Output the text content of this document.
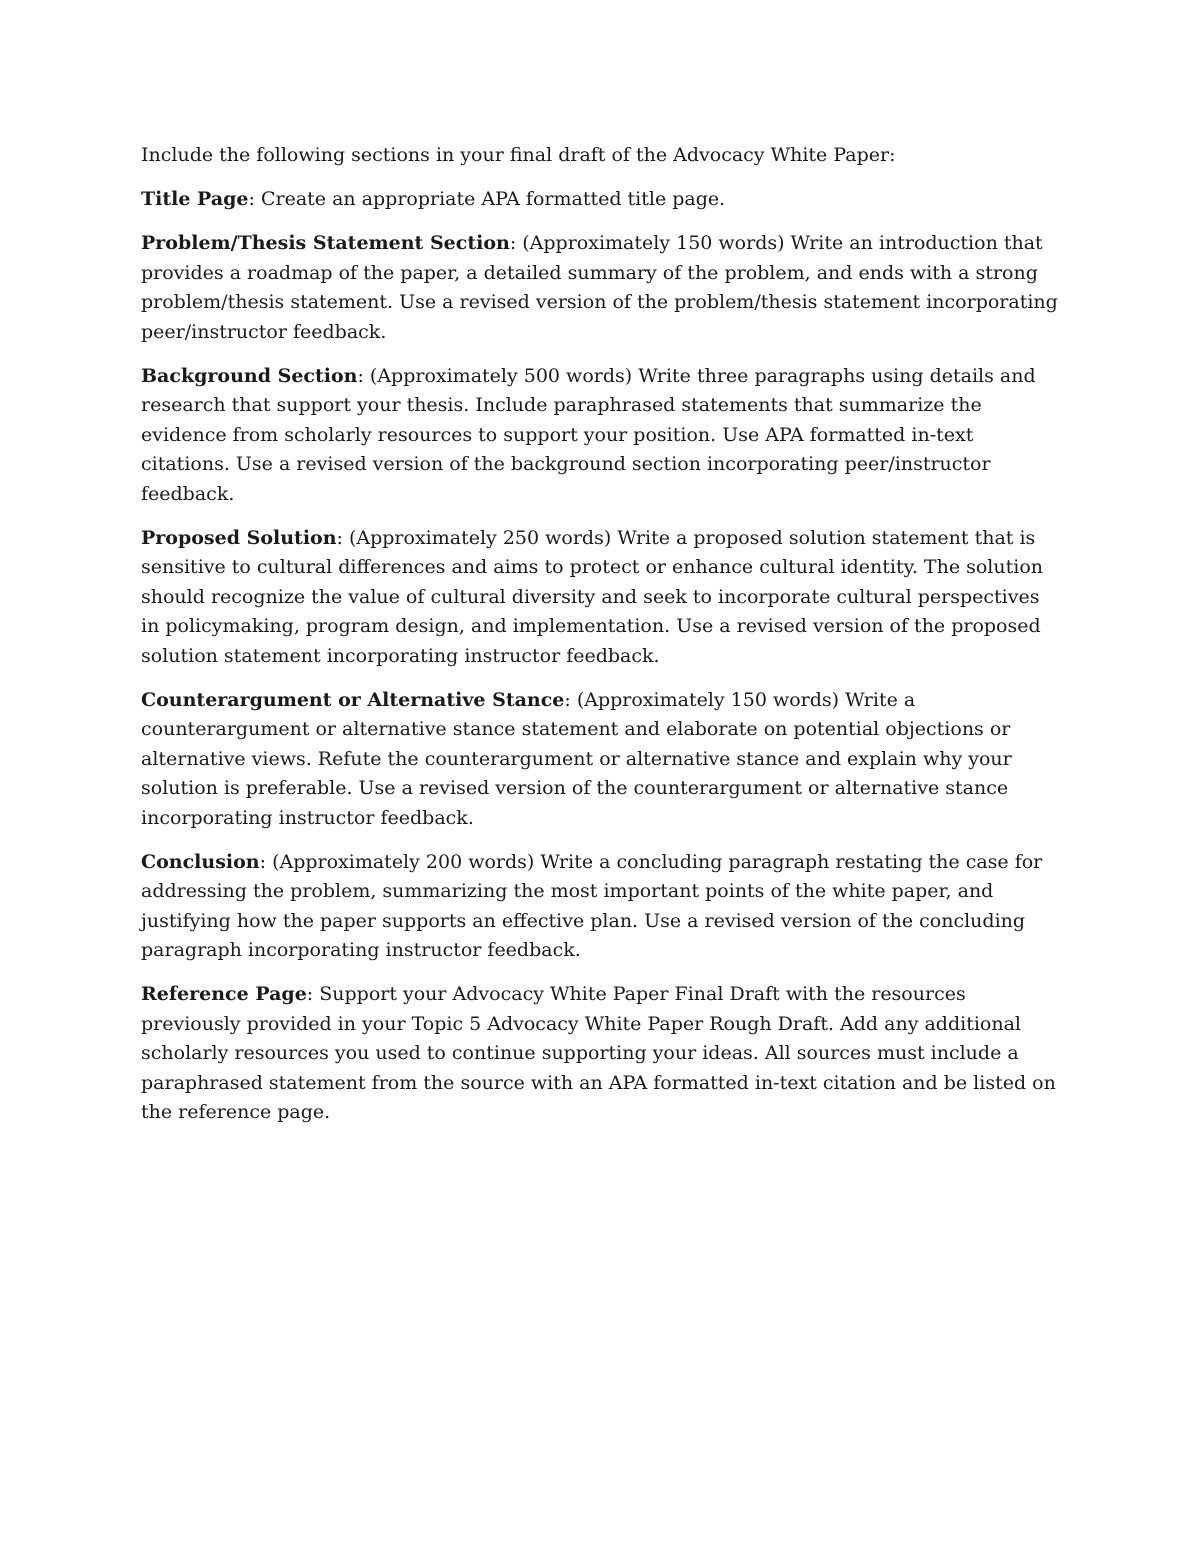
Include the following sections in your final draft of the Advocacy White Paper:

Title Page: Create an appropriate APA formatted title page.

Problem/Thesis Statement Section: (Approximately 150 words) Write an introduction that provides a roadmap of the paper, a detailed summary of the problem, and ends with a strong problem/thesis statement. Use a revised version of the problem/thesis statement incorporating peer/instructor feedback.

Background Section: (Approximately 500 words) Write three paragraphs using details and research that support your thesis. Include paraphrased statements that summarize the evidence from scholarly resources to support your position. Use APA formatted in-text citations. Use a revised version of the background section incorporating peer/instructor feedback.

Proposed Solution: (Approximately 250 words) Write a proposed solution statement that is sensitive to cultural differences and aims to protect or enhance cultural identity. The solution should recognize the value of cultural diversity and seek to incorporate cultural perspectives in policymaking, program design, and implementation. Use a revised version of the proposed solution statement incorporating instructor feedback.

Counterargument or Alternative Stance: (Approximately 150 words) Write a counterargument or alternative stance statement and elaborate on potential objections or alternative views. Refute the counterargument or alternative stance and explain why your solution is preferable. Use a revised version of the counterargument or alternative stance incorporating instructor feedback.

Conclusion: (Approximately 200 words) Write a concluding paragraph restating the case for addressing the problem, summarizing the most important points of the white paper, and justifying how the paper supports an effective plan. Use a revised version of the concluding paragraph incorporating instructor feedback.

Reference Page: Support your Advocacy White Paper Final Draft with the resources previously provided in your Topic 5 Advocacy White Paper Rough Draft. Add any additional scholarly resources you used to continue supporting your ideas. All sources must include a paraphrased statement from the source with an APA formatted in-text citation and be listed on the reference page.
